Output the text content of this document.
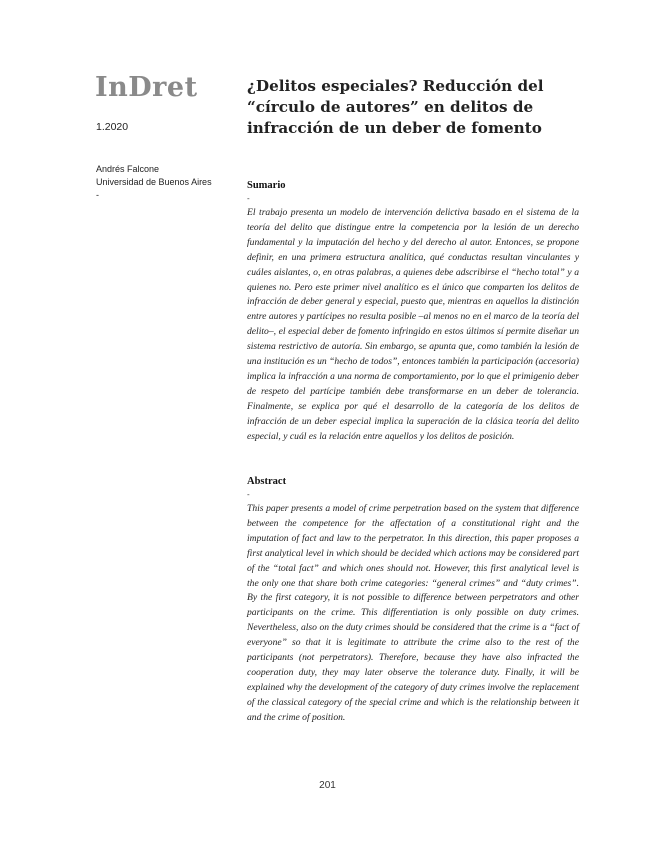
InDret
1.2020
Andrés Falcone
Universidad de Buenos Aires
-
¿Delitos especiales? Reducción del “círculo de autores” en delitos de infracción de un deber de fomento
Sumario
-

El trabajo presenta un modelo de intervención delictiva basado en el sistema de la teoría del delito que distingue entre la competencia por la lesión de un derecho fundamental y la imputación del hecho y del derecho al autor. Entonces, se propone definir, en una primera estructura analítica, qué conductas resultan vinculantes y cuáles aislantes, o, en otras palabras, a quienes debe adscribirse el “hecho total” y a quienes no. Pero este primer nivel analítico es el único que comparten los delitos de infracción de deber general y especial, puesto que, mientras en aquellos la distinción entre autores y partícipes no resulta posible –al menos no en el marco de la teoría del delito–, el especial deber de fomento infringido en estos últimos sí permite diseñar un sistema restrictivo de autoría. Sin embargo, se apunta que, como también la lesión de una institución es un “hecho de todos”, entonces también la participación (accesoria) implica la infracción a una norma de comportamiento, por lo que el primigenio deber de respeto del partícipe también debe transformarse en un deber de tolerancia. Finalmente, se explica por qué el desarrollo de la categoría de los delitos de infracción de un deber especial implica la superación de la clásica teoría del delito especial, y cuál es la relación entre aquellos y los delitos de posición.

Abstract
-

This paper presents a model of crime perpetration based on the system that difference between the competence for the affectation of a constitutional right and the imputation of fact and law to the perpetrator. In this direction, this paper proposes a first analytical level in which should be decided which actions may be considered part of the “total fact” and which ones should not. However, this first analytical level is the only one that share both crime categories: “general crimes” and “duty crimes”. By the first category, it is not possible to difference between perpetrators and other participants on the crime. This differentiation is only possible on duty crimes. Nevertheless, also on the duty crimes should be considered that the crime is a “fact of everyone” so that it is legitimate to attribute the crime also to the rest of the participants (not perpetrators). Therefore, because they have also infracted the cooperation duty, they may later observe the tolerance duty. Finally, it will be explained why the development of the category of duty crimes involve the replacement of the classical category of the special crime and which is the relationship between it and the crime of position.

201
